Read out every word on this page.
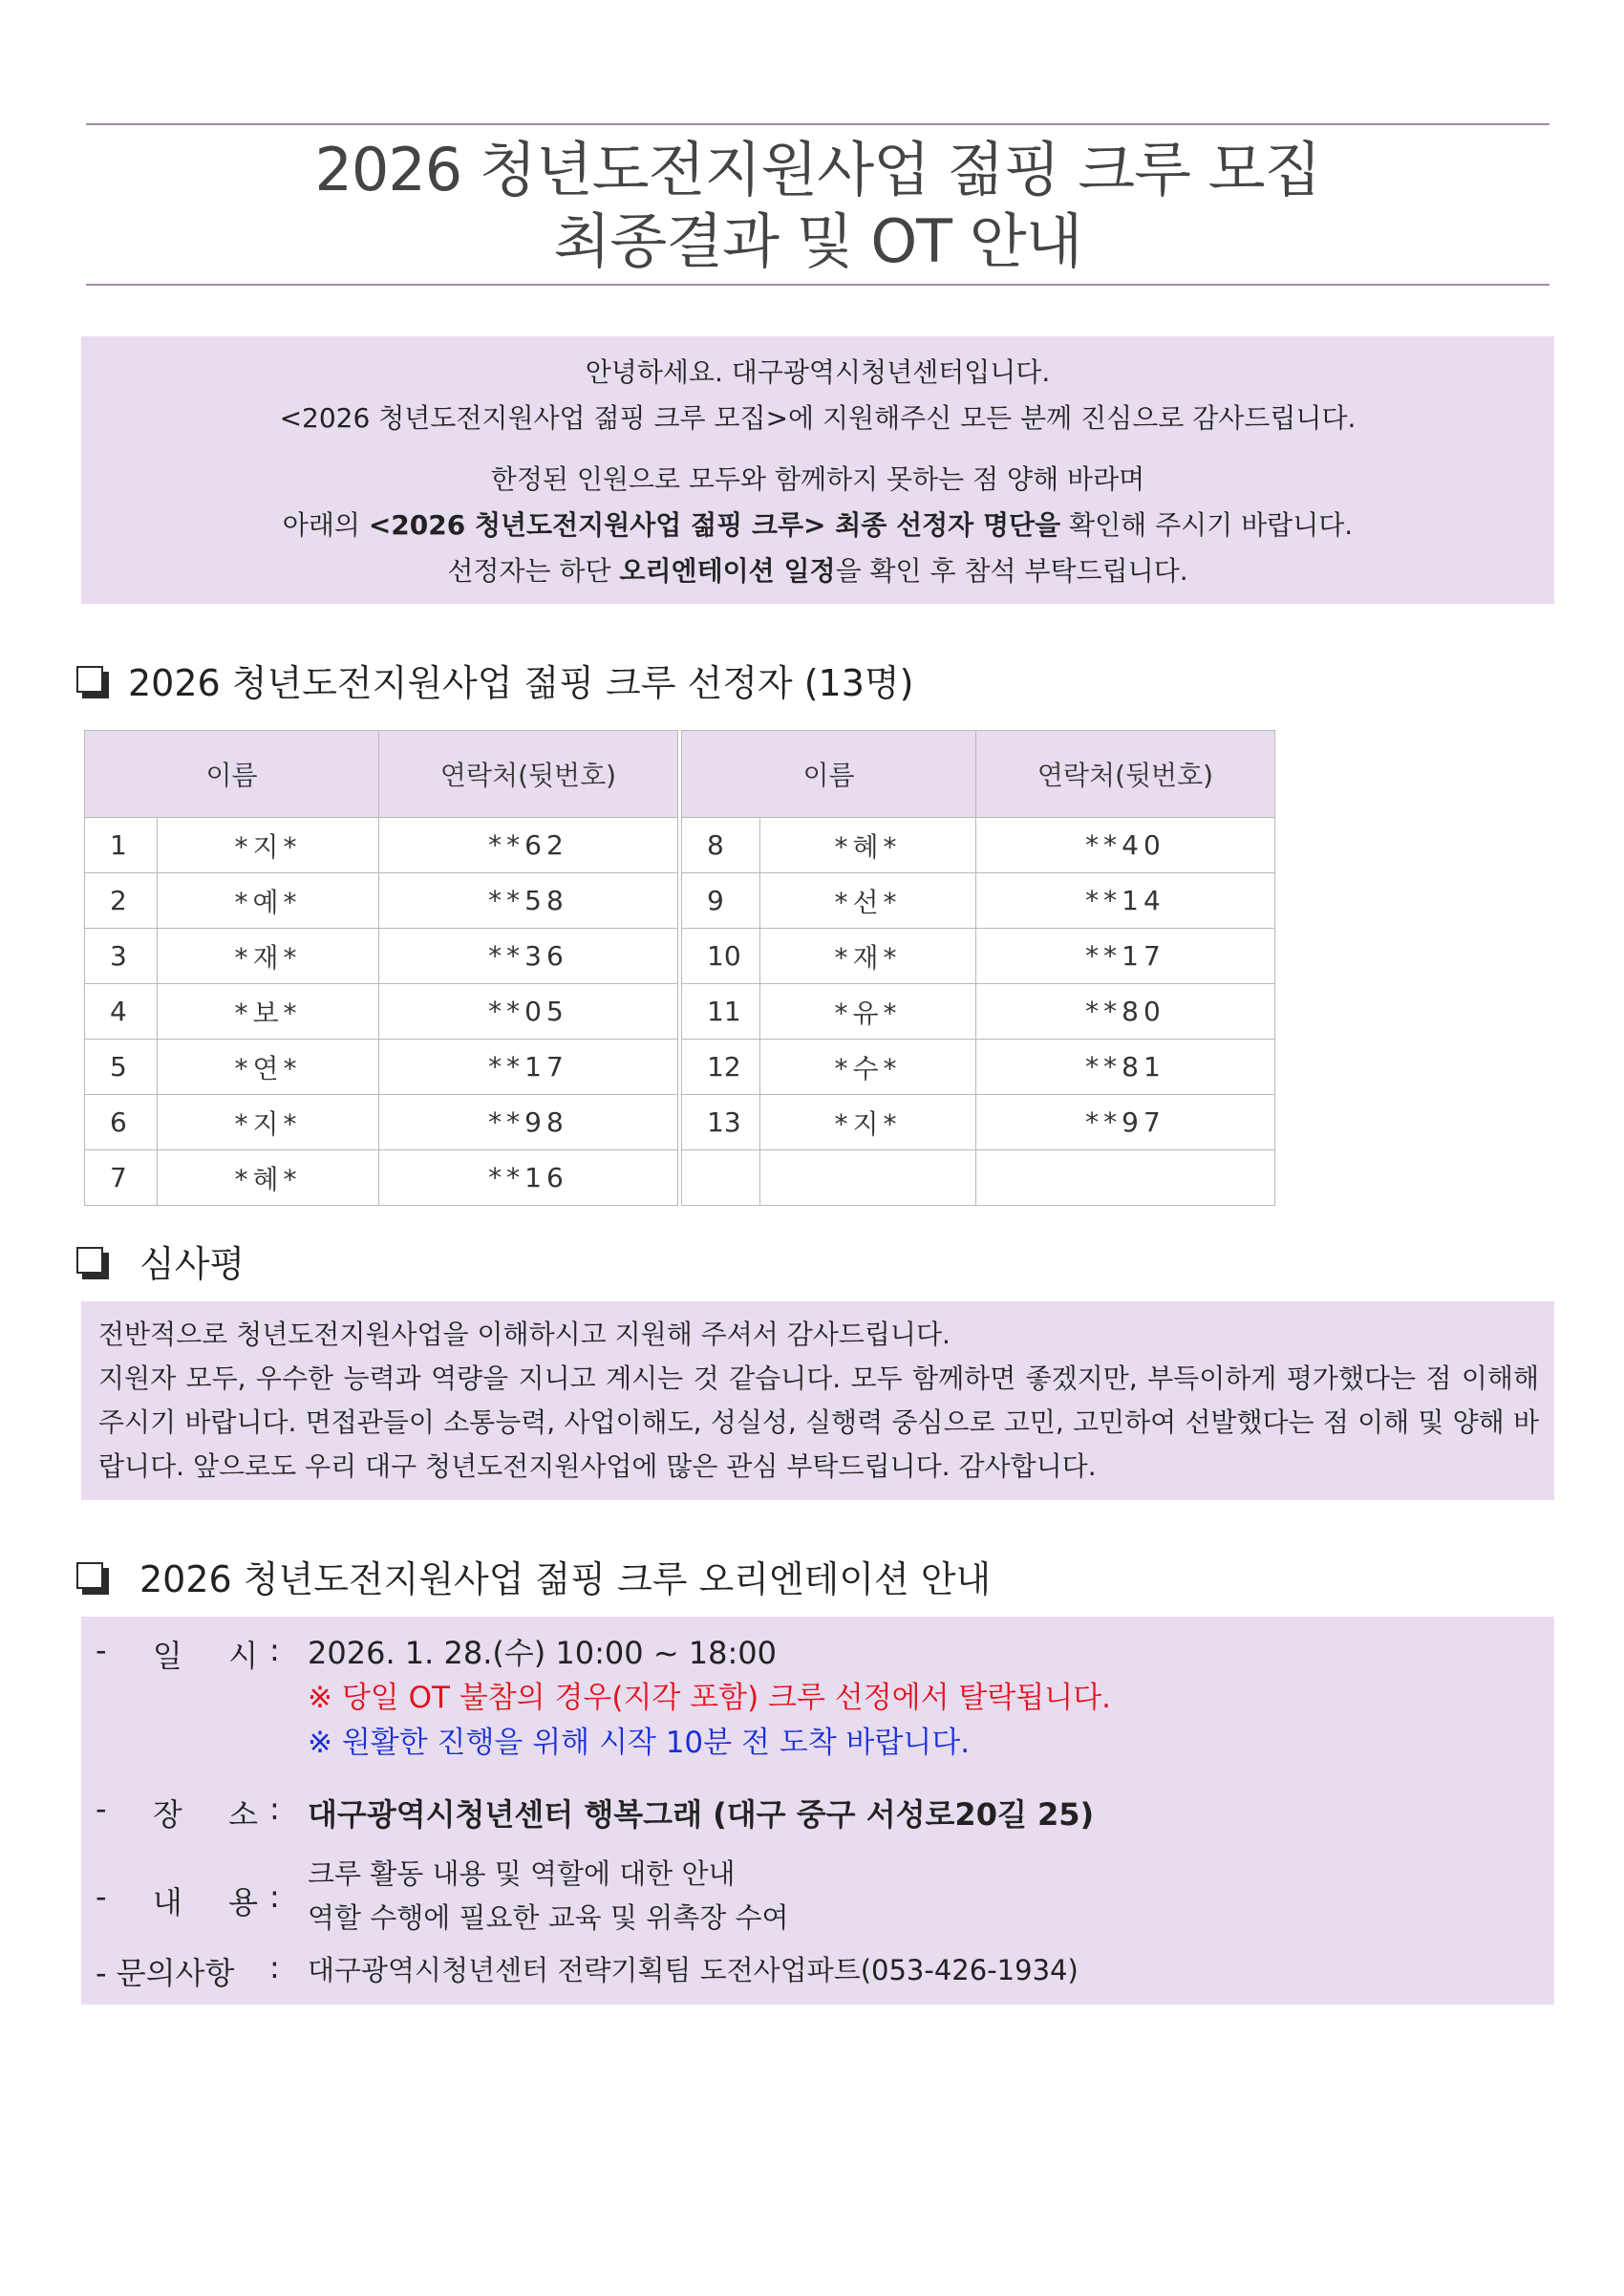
2026 청년도전지원사업 젊핑 크루 모집
최종결과 및 OT 안내

안녕하세요. 대구광역시청년센터입니다.

<2026 청년도전지원사업 젊핑 크루 모집>에 지원해주신 모든 분께 진심으로 감사드립니다.

한정된 인원으로 모두와 함께하지 못하는 점 양해 바라며

아래의 <2026 청년도전지원사업 젊핑 크루> 최종 선정자 명단을 확인해 주시기 바랍니다.

선정자는 하단 오리엔테이션 일정을 확인 후 참석 부탁드립니다.

2026 청년도전지원사업 젊핑 크루 선정자 (13명)
이름		연락처(뒷번호)
1	*지*	**62
2	*예*	**58
3	*재*	**36
4	*보*	**05
5	*연*	**17
6	*지*	**98
7	*혜*	**16
이름		연락처(뒷번호)
8	*혜*	**40
9	*선*	**14
10	*재*	**17
11	*유*	**80
12	*수*	**81
13	*지*	**97

심사평

전반적으로 청년도전지원사업을 이해하시고 지원해 주셔서 감사드립니다.

지원자 모두, 우수한 능력과 역량을 지니고 계시는 것 같습니다. 모두 함께하면 좋겠지만, 부득이하게 평가했다는 점 이해해 주시기 바랍니다. 면접관들이 소통능력, 사업이해도, 성실성, 실행력 중심으로 고민, 고민하여 선발했다는 점 이해 및 양해 바랍니다. 앞으로도 우리 대구 청년도전지원사업에 많은 관심 부탁드립니다. 감사합니다.

2026 청년도전지원사업 젊핑 크루 오리엔테이션 안내
- 일 시 : 2026. 1. 28.(수) 10:00 ~ 18:00
※ 당일 OT 불참의 경우(지각 포함) 크루 선정에서 탈락됩니다.
※ 원활한 진행을 위해 시작 10분 전 도착 바랍니다.
- 장 소 : 대구광역시청년센터 행복그래 (대구 중구 서성로20길 25)
- 내 용 :
크루 활동 내용 및 역할에 대한 안내
역할 수행에 필요한 교육 및 위촉장 수여
- 문의사항	:	대구광역시청년센터 전략기획팀 도전사업파트(053-426-1934)
